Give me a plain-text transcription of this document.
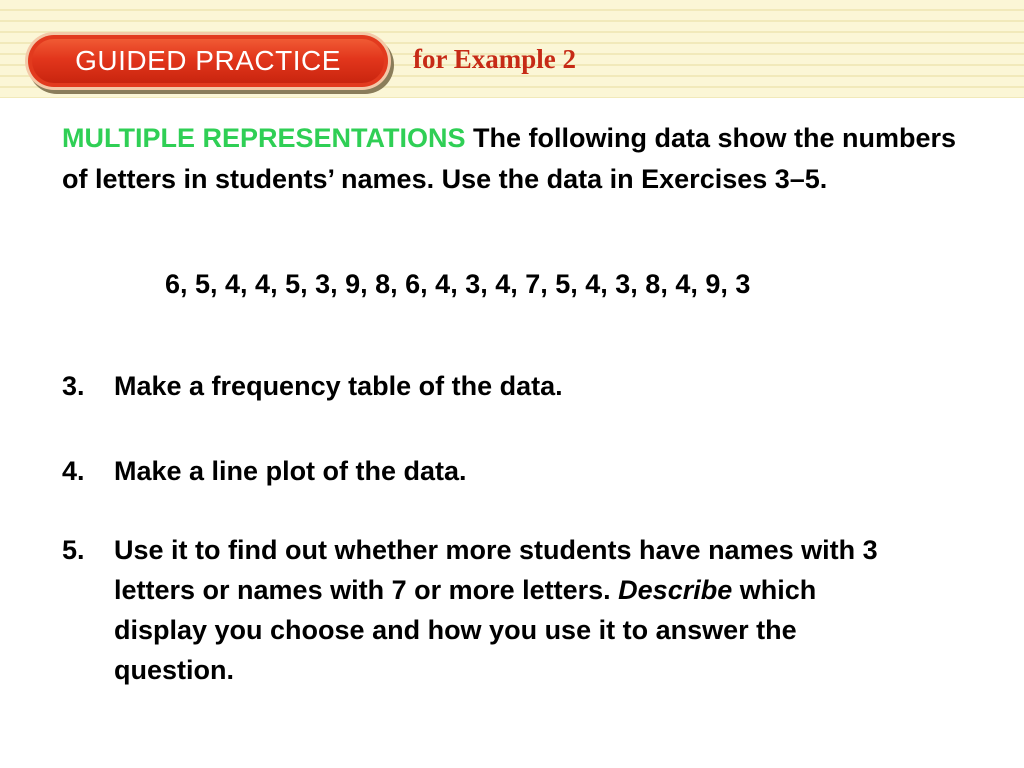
GUIDED PRACTICE	for Example 2

MULTIPLE REPRESENTATIONS The following data show the numbers of letters in students’ names. Use the data in Exercises 3–5.

6, 5, 4, 4, 5, 3, 9, 8, 6, 4, 3, 4, 7, 5, 4, 3, 8, 4, 9, 3
3. Make a frequency table of the data.
4. Make a line plot of the data.
5. Use it to find out whether more students have names with 3 letters or names with 7 or more letters. Describe which display you choose and how you use it to answer the question.
